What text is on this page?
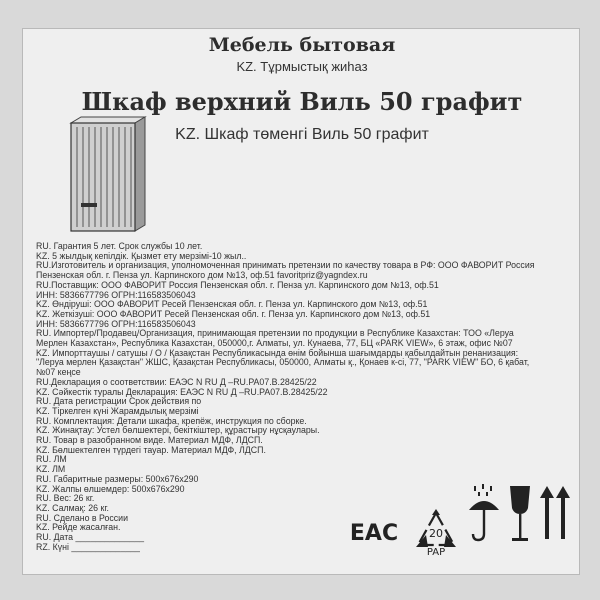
Мебель бытовая
KZ. Тұрмыстық жиһаз
Шкаф верхний Виль 50 графит
KZ. Шкаф төменгі Виль 50 графит
RU. Гарантия 5 лет. Срок службы 10 лет.
KZ. 5 жылдық кепілдік. Қызмет ету мерзімі-10 жыл..
RU.Изготовитель и организация, уполномоченная принимать претензии по качеству товара в РФ: ООО ФАВОРИТ Россия
Пензенская обл. г. Пенза ул. Карпинского дом №13, оф.51 favoritpriz@yagndex.ru
RU.Поставщик: ООО ФАВОРИТ Россия Пензенская обл. г. Пенза ул. Карпинского дом №13, оф.51
ИНН: 5836677796 ОГРН:116583506043
KZ. Өндіруші: ООО ФАВОРИТ Ресей Пензенская обл. г. Пенза ул. Карпинского дом №13, оф.51
KZ. Жеткізуші: ООО ФАВОРИТ Ресей Пензенская обл. г. Пенза ул. Карпинского дом №13, оф.51
ИНН: 5836677796 ОГРН:116583506043
RU. Импортер/Продавец/Организация, принимающая претензии по продукции в Республике Казахстан: ТОО «Леруа
Мерлен Казахстан», Республика Казахстан, 050000,г. Алматы, ул. Кунаева, 77, БЦ «PARK VIEW», 6 этаж, офис №07
KZ. Импорттаушы / сатушы / О / Қазақстан Республикасында өнім бойынша шағымдарды қабылдайтын ренанизация:
"Леруа мерлен Қазақстан" ЖШС, Қазақстан Республикасы, 050000, Алматы қ., Қонаев к-сі, 77, "PARK VIEW" БО, 6 қабат,
№07 кеңсе
RU.Декларация о соответствии: ЕАЭС N RU Д –RU.PA07.B.28425/22
KZ. Сәйкестік туралы Декларация: ЕАЭС N RU Д –RU.PA07.B.28425/22
RU. Дата регистрации Срок действия по
KZ. Тіркелген күні Жарамдылық мерзімі
RU. Комплектация: Детали шкафа, крепёж, инструкция по сборке.
KZ. Жинақтау: Устел бөлшектері, бекіткіштер, құрастыру нұсқаулары.
RU. Товар в разобранном виде. Материал МДФ, ЛДСП.
KZ. Бөлшектелген түрдегі тауар. Материал МДФ, ЛДСП.
RU. ЛМ
KZ. ЛМ
RU. Габаритные размеры: 500х676х290
KZ. Жалпы өлшемдер: 500х676х290
RU. Вес: 26 кг.
KZ. Салмақ: 26 кг.
RU. Сделано в России
KZ. Рейде жасалған.
RU. Дата ______________
RZ. Күні ______________
EAC	20
PAP
